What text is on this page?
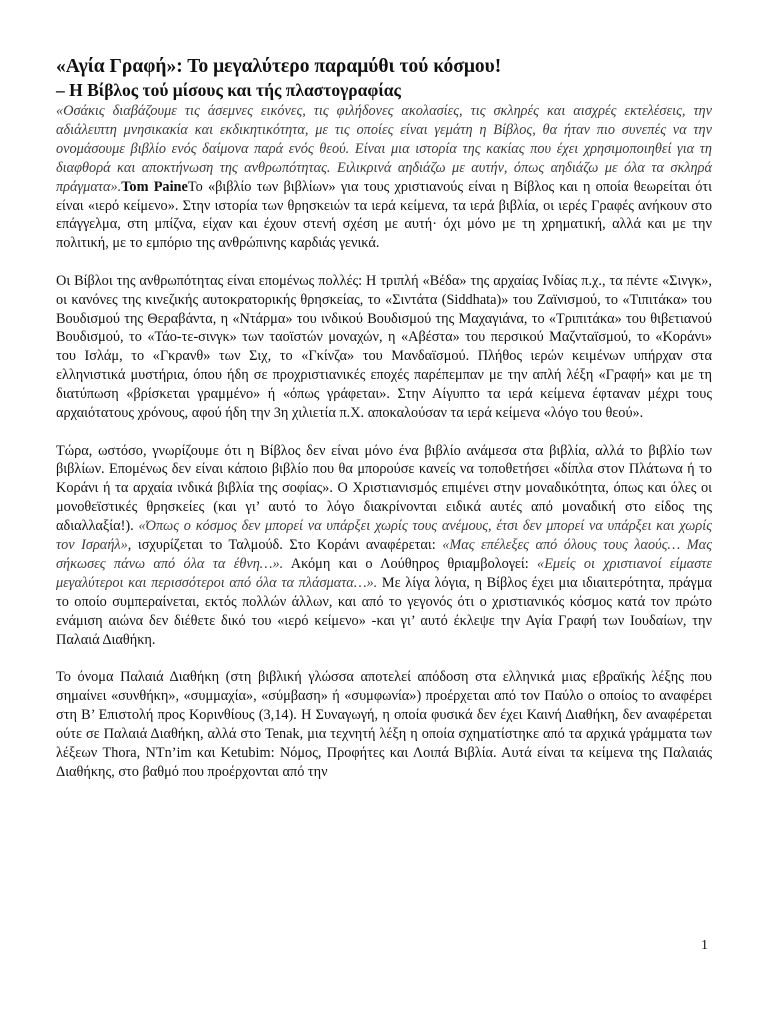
«Αγία Γραφή»: Το μεγαλύτερο παραμύθι τού κόσμου!
– Η Βίβλος τού μίσους και τής πλαστογραφίας

«Οσάκις διαβάζουμε τις άσεμνες εικόνες, τις φιλήδονες ακολασίες, τις σκληρές και αισχρές εκτελέσεις, την αδιάλειπτη μνησικακία και εκδικητικότητα, με τις οποίες είναι γεμάτη η Βίβλος, θα ήταν πιο συνεπές να την ονομάσουμε βιβλίο ενός δαίμονα παρά ενός θεού. Είναι μια ιστορία της κακίας που έχει χρησιμοποιηθεί για τη διαφθορά και αποκτήνωση της ανθρωπότητας. Ειλικρινά αηδιάζω με αυτήν, όπως αηδιάζω με όλα τα σκληρά πράγματα».Tom PaineΤο «βιβλίο των βιβλίων» για τους χριστιανούς είναι η Βίβλος και η οποία θεωρείται ότι είναι «ιερό κείμενο». Στην ιστορία των θρησκειών τα ιερά κείμενα, τα ιερά βιβλία, οι ιερές Γραφές ανήκουν στο επάγγελμα, στη μπίζνα, είχαν και έχουν στενή σχέση με αυτή· όχι μόνο με τη χρηματική, αλλά και με την πολιτική, με το εμπόριο της ανθρώπινης καρδιάς γενικά.

Οι Βίβλοι της ανθρωπότητας είναι επομένως πολλές: Η τριπλή «Βέδα» της αρχαίας Ινδίας π.χ., τα πέντε «Σινγκ», οι κανόνες της κινεζικής αυτοκρατορικής θρησκείας, το «Σιντάτα (Siddhata)» του Ζαϊνισμού, το «Τιπιτάκα» του Βουδισμού της Θεραβάντα, η «Ντάρμα» του ινδικού Βουδισμού της Μαχαγιάνα, το «Τριπιτάκα» του θιβετιανού Βουδισμού, το «Τάο-τε-σινγκ» των ταοϊστών μοναχών, η «Αβέστα» του περσικού Μαζνταϊσμού, το «Κοράνι» του Ισλάμ, το «Γκρανθ» των Σιχ, το «Γκίνζα» του Μανδαϊσμού. Πλήθος ιερών κειμένων υπήρχαν στα ελληνιστικά μυστήρια, όπου ήδη σε προχριστιανικές εποχές παρέπεμπαν με την απλή λέξη «Γραφή» και με τη διατύπωση «βρίσκεται γραμμένο» ή «όπως γράφεται». Στην Αίγυπτο τα ιερά κείμενα έφταναν μέχρι τους αρχαιότατους χρόνους, αφού ήδη την 3η χιλιετία π.Χ. αποκαλούσαν τα ιερά κείμενα «λόγο του θεού».

Τώρα, ωστόσο, γνωρίζουμε ότι η Βίβλος δεν είναι μόνο ένα βιβλίο ανάμεσα στα βιβλία, αλλά το βιβλίο των βιβλίων. Επομένως δεν είναι κάποιο βιβλίο που θα μπορούσε κανείς να τοποθετήσει «δίπλα στον Πλάτωνα ή το Κοράνι ή τα αρχαία ινδικά βιβλία της σοφίας». Ο Χριστιανισμός επιμένει στην μοναδικότητα, όπως και όλες οι μονοθεϊστικές θρησκείες (και γι’ αυτό το λόγο διακρίνονται ειδικά αυτές από μοναδική στο είδος της αδιαλλαξία!). «Όπως ο κόσμος δεν μπορεί να υπάρξει χωρίς τους ανέμους, έτσι δεν μπορεί να υπάρξει και χωρίς τον Ισραήλ», ισχυρίζεται το Ταλμούδ. Στο Κοράνι αναφέρεται: «Μας επέλεξες από όλους τους λαούς… Μας σήκωσες πάνω από όλα τα έθνη…». Ακόμη και ο Λούθηρος θριαμβολογεί: «Εμείς οι χριστιανοί είμαστε μεγαλύτεροι και περισσότεροι από όλα τα πλάσματα…». Με λίγα λόγια, η Βίβλος έχει μια ιδιαιτερότητα, πράγμα το οποίο συμπεραίνεται, εκτός πολλών άλλων, και από το γεγονός ότι ο χριστιανικός κόσμος κατά τον πρώτο ενάμιση αιώνα δεν διέθετε δικό του «ιερό κείμενο» -και γι’ αυτό έκλεψε την Αγία Γραφή των Ιουδαίων, την Παλαιά Διαθήκη.

Το όνομα Παλαιά Διαθήκη (στη βιβλική γλώσσα αποτελεί απόδοση στα ελληνικά μιας εβραϊκής λέξης που σημαίνει «συνθήκη», «συμμαχία», «σύμβαση» ή «συμφωνία») προέρχεται από τον Παύλο ο οποίος το αναφέρει στη Β’ Επιστολή προς Κορινθίους (3,14). Η Συναγωγή, η οποία φυσικά δεν έχει Καινή Διαθήκη, δεν αναφέρεται ούτε σε Παλαιά Διαθήκη, αλλά στο Tenak, μια τεχνητή λέξη η οποία σχηματίστηκε από τα αρχικά γράμματα των λέξεων Thora, NTn’im και Ketubim: Νόμος, Προφήτες και Λοιπά Βιβλία. Αυτά είναι τα κείμενα της Παλαιάς Διαθήκης, στο βαθμό που προέρχονται από την

1
